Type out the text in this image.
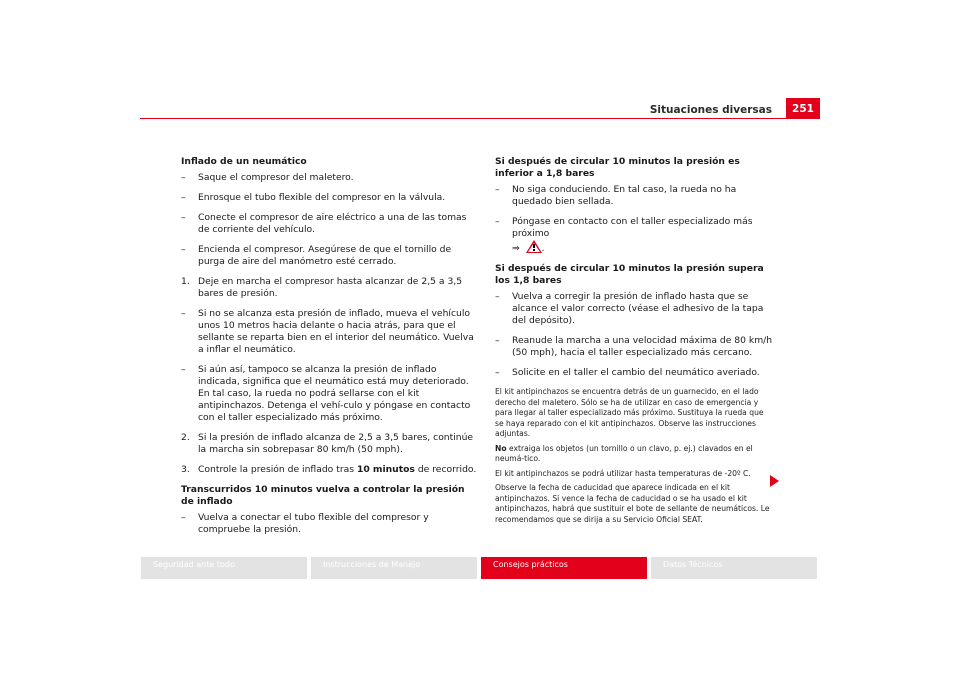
Situaciones diversas	251
Inflado de un neumático
– Saque el compresor del maletero.
– Enrosque el tubo flexible del compresor en la válvula.
– Conecte el compresor de aire eléctrico a una de las tomas de corriente del vehículo.
– Encienda el compresor. Asegúrese de que el tornillo de purga de aire del manómetro esté cerrado.
1. Deje en marcha el compresor hasta alcanzar de 2,5 a 3,5 bares de presión.
– Si no se alcanza esta presión de inflado, mueva el vehículo unos 10 metros hacia delante o hacia atrás, para que el sellante se reparta bien en el interior del neumático. Vuelva a inflar el neumático.
– Si aún así, tampoco se alcanza la presión de inflado indicada, significa que el neumático está muy deteriorado. En tal caso, la rueda no podrá sellarse con el kit antipinchazos. Detenga el vehí-culo y póngase en contacto con el taller especializado más próximo.
2. Si la presión de inflado alcanza de 2,5 a 3,5 bares, continúe la marcha sin sobrepasar 80 km/h (50 mph).
3. Controle la presión de inflado tras 10 minutos de recorrido.
Transcurridos 10 minutos vuelva a controlar la presión de inflado
– Vuelva a conectar el tubo flexible del compresor y compruebe la presión.
Si después de circular 10 minutos la presión es inferior a 1,8 bares
– No siga conduciendo. En tal caso, la rueda no ha quedado bien sellada.
– Póngase en contacto con el taller especializado más próximo
⇒ .
Si después de circular 10 minutos la presión supera los 1,8 bares
– Vuelva a corregir la presión de inflado hasta que se alcance el valor correcto (véase el adhesivo de la tapa del depósito).
– Reanude la marcha a una velocidad máxima de 80 km/h (50 mph), hacia el taller especializado más cercano.
– Solicite en el taller el cambio del neumático averiado.
El kit antipinchazos se encuentra detrás de un guarnecido, en el lado derecho del maletero. Sólo se ha de utilizar en caso de emergencia y para llegar al taller especializado más próximo. Sustituya la rueda que se haya reparado con el kit antipinchazos. Observe las instrucciones adjuntas.
No extraiga los objetos (un tornillo o un clavo, p. ej.) clavados en el neumá-tico.
El kit antipinchazos se podrá utilizar hasta temperaturas de -20º C.
Observe la fecha de caducidad que aparece indicada en el kit antipinchazos. Si vence la fecha de caducidad o se ha usado el kit antipinchazos, habrá que sustituir el bote de sellante de neumáticos. Le recomendamos que se dirija a su Servicio Oficial SEAT.
Seguridad ante todo	Instrucciones de Manejo	Consejos prácticos	Datos Técnicos
